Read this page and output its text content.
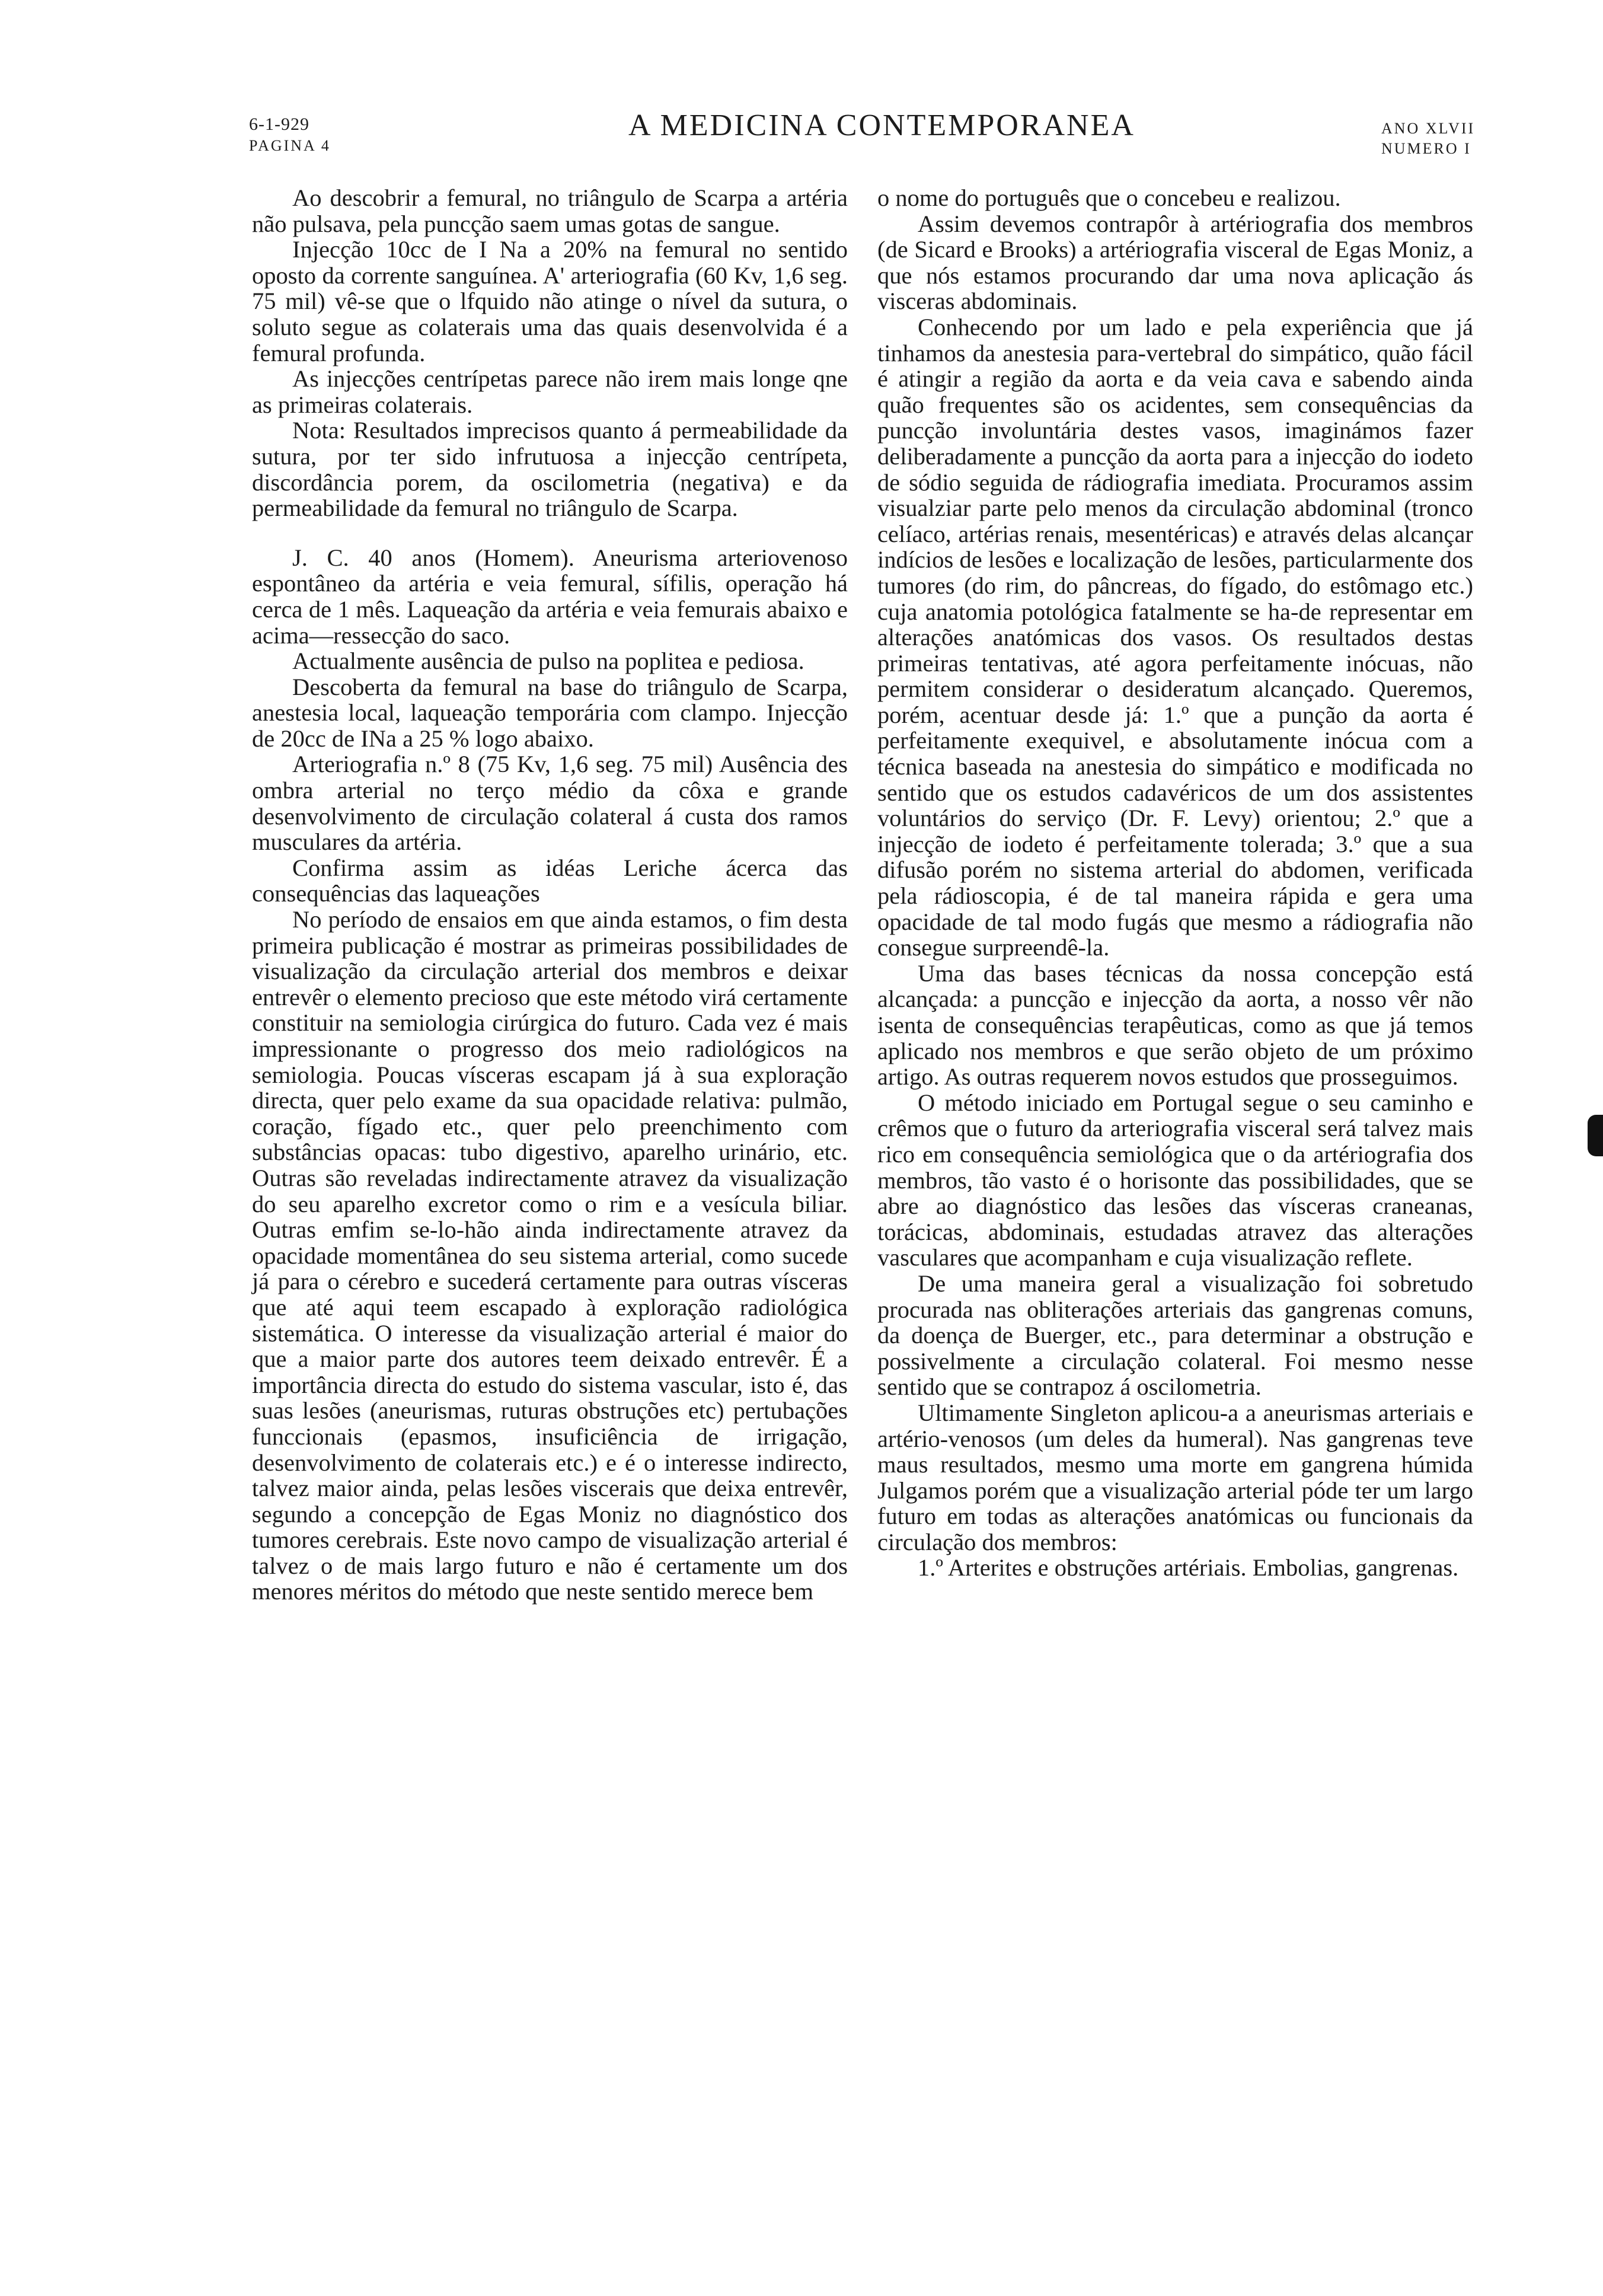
6-1-929
PAGINA 4
A MEDICINA CONTEMPORANEA	ANO XLVII
NUMERO I

Ao descobrir a femural, no triângulo de Scarpa a artéria não pulsava, pela puncção saem umas gotas de sangue.

Injecção 10cc de I Na a 20% na femural no sentido oposto da corrente sanguínea. A' arteriografia (60 Kv, 1,6 seg. 75 mil) vê-se que o lfquido não atinge o nível da sutura, o soluto segue as colaterais uma das quais desenvolvida é a femural profunda.

As injecções centrípetas parece não irem mais longe qne as primeiras colaterais.

Nota: Resultados imprecisos quanto á permeabilidade da sutura, por ter sido infrutuosa a injecção centrípeta, discordância porem, da oscilometria (negativa) e da permeabilidade da femural no triângulo de Scarpa.

J. C. 40 anos (Homem). Aneurisma arteriovenoso espontâneo da artéria e veia femural, sífilis, operação há cerca de 1 mês. Laqueação da artéria e veia femurais abaixo e acima—ressecção do saco.

Actualmente ausência de pulso na poplitea e pediosa.

Descoberta da femural na base do triângulo de Scarpa, anestesia local, laqueação temporária com clampo. Injecção de 20cc de INa a 25 % logo abaixo.

Arteriografia n.º 8 (75 Kv, 1,6 seg. 75 mil) Ausência des ombra arterial no terço médio da côxa e grande desenvolvimento de circulação colateral á custa dos ramos musculares da artéria.

Confirma assim as idéas Leriche ácerca das consequências das laqueações

No período de ensaios em que ainda estamos, o fim desta primeira publicação é mostrar as primeiras possibilidades de visualização da circulação arterial dos membros e deixar entrevêr o elemento precioso que este método virá certamente constituir na semiologia cirúrgica do futuro. Cada vez é mais impressionante o progresso dos meio radiológicos na semiologia. Poucas vísceras escapam já à sua exploração directa, quer pelo exame da sua opacidade relativa: pulmão, coração, fígado etc., quer pelo preenchimento com substâncias opacas: tubo digestivo, aparelho urinário, etc. Outras são reveladas indirectamente atravez da visualização do seu aparelho excretor como o rim e a vesícula biliar. Outras emfim se-lo-hão ainda indirectamente atravez da opacidade momentânea do seu sistema arterial, como sucede já para o cérebro e sucederá certamente para outras vísceras que até aqui teem escapado à exploração radiológica sistemática. O interesse da visualização arterial é maior do que a maior parte dos autores teem deixado entrevêr. É a importância directa do estudo do sistema vascular, isto é, das suas lesões (aneurismas, ruturas obstruções etc) pertubações funccionais (epasmos, insuficiência de irrigação, desenvolvimento de colaterais etc.) e é o interesse indirecto, talvez maior ainda, pelas lesões viscerais que deixa entrevêr, segundo a concepção de Egas Moniz no diagnóstico dos tumores cerebrais. Este novo campo de visualização arterial é talvez o de mais largo futuro e não é certamente um dos menores méritos do método que neste sentido merece bem

o nome do português que o concebeu e realizou.

Assim devemos contrapôr à artériografia dos membros (de Sicard e Brooks) a artériografia visceral de Egas Moniz, a que nós estamos procurando dar uma nova aplicação ás visceras abdominais.

Conhecendo por um lado e pela experiência que já tinhamos da anestesia para-vertebral do simpático, quão fácil é atingir a região da aorta e da veia cava e sabendo ainda quão frequentes são os acidentes, sem consequências da puncção involuntária destes vasos, imaginámos fazer deliberadamente a puncção da aorta para a injecção do iodeto de sódio seguida de rádiografia imediata. Procuramos assim visualziar parte pelo menos da circulação abdominal (tronco celíaco, artérias renais, mesentéricas) e através delas alcançar indícios de lesões e localização de lesões, particularmente dos tumores (do rim, do pâncreas, do fígado, do estômago etc.) cuja anatomia potológica fatalmente se ha-de representar em alterações anatómicas dos vasos. Os resultados destas primeiras tentativas, até agora perfeitamente inócuas, não permitem considerar o desideratum alcançado. Queremos, porém, acentuar desde já: 1.º que a punção da aorta é perfeitamente exequivel, e absolutamente inócua com a técnica baseada na anestesia do simpático e modificada no sentido que os estudos cadavéricos de um dos assistentes voluntários do serviço (Dr. F. Levy) orientou; 2.º que a injecção de iodeto é perfeitamente tolerada; 3.º que a sua difusão porém no sistema arterial do abdomen, verificada pela rádioscopia, é de tal maneira rápida e gera uma opacidade de tal modo fugás que mesmo a rádiografia não consegue surpreendê-la.

Uma das bases técnicas da nossa concepção está alcançada: a puncção e injecção da aorta, a nosso vêr não isenta de consequências terapêuticas, como as que já temos aplicado nos membros e que serão objeto de um próximo artigo. As outras requerem novos estudos que prosseguimos.

O método iniciado em Portugal segue o seu caminho e crêmos que o futuro da arteriografia visceral será talvez mais rico em consequência semiológica que o da artériografia dos membros, tão vasto é o horisonte das possibilidades, que se abre ao diagnóstico das lesões das vísceras craneanas, torácicas, abdominais, estudadas atravez das alterações vasculares que acompanham e cuja visualização reflete.

De uma maneira geral a visualização foi sobretudo procurada nas obliterações arteriais das gangrenas comuns, da doença de Buerger, etc., para determinar a obstrução e possivelmente a circulação colateral. Foi mesmo nesse sentido que se contrapoz á oscilometria.

Ultimamente Singleton aplicou-a a aneurismas arteriais e artério-venosos (um deles da humeral). Nas gangrenas teve maus resultados, mesmo uma morte em gangrena húmida Julgamos porém que a visualização arterial póde ter um largo futuro em todas as alterações anatómicas ou funcionais da circulação dos membros:

1.º Arterites e obstruções artériais. Embolias, gangrenas.
